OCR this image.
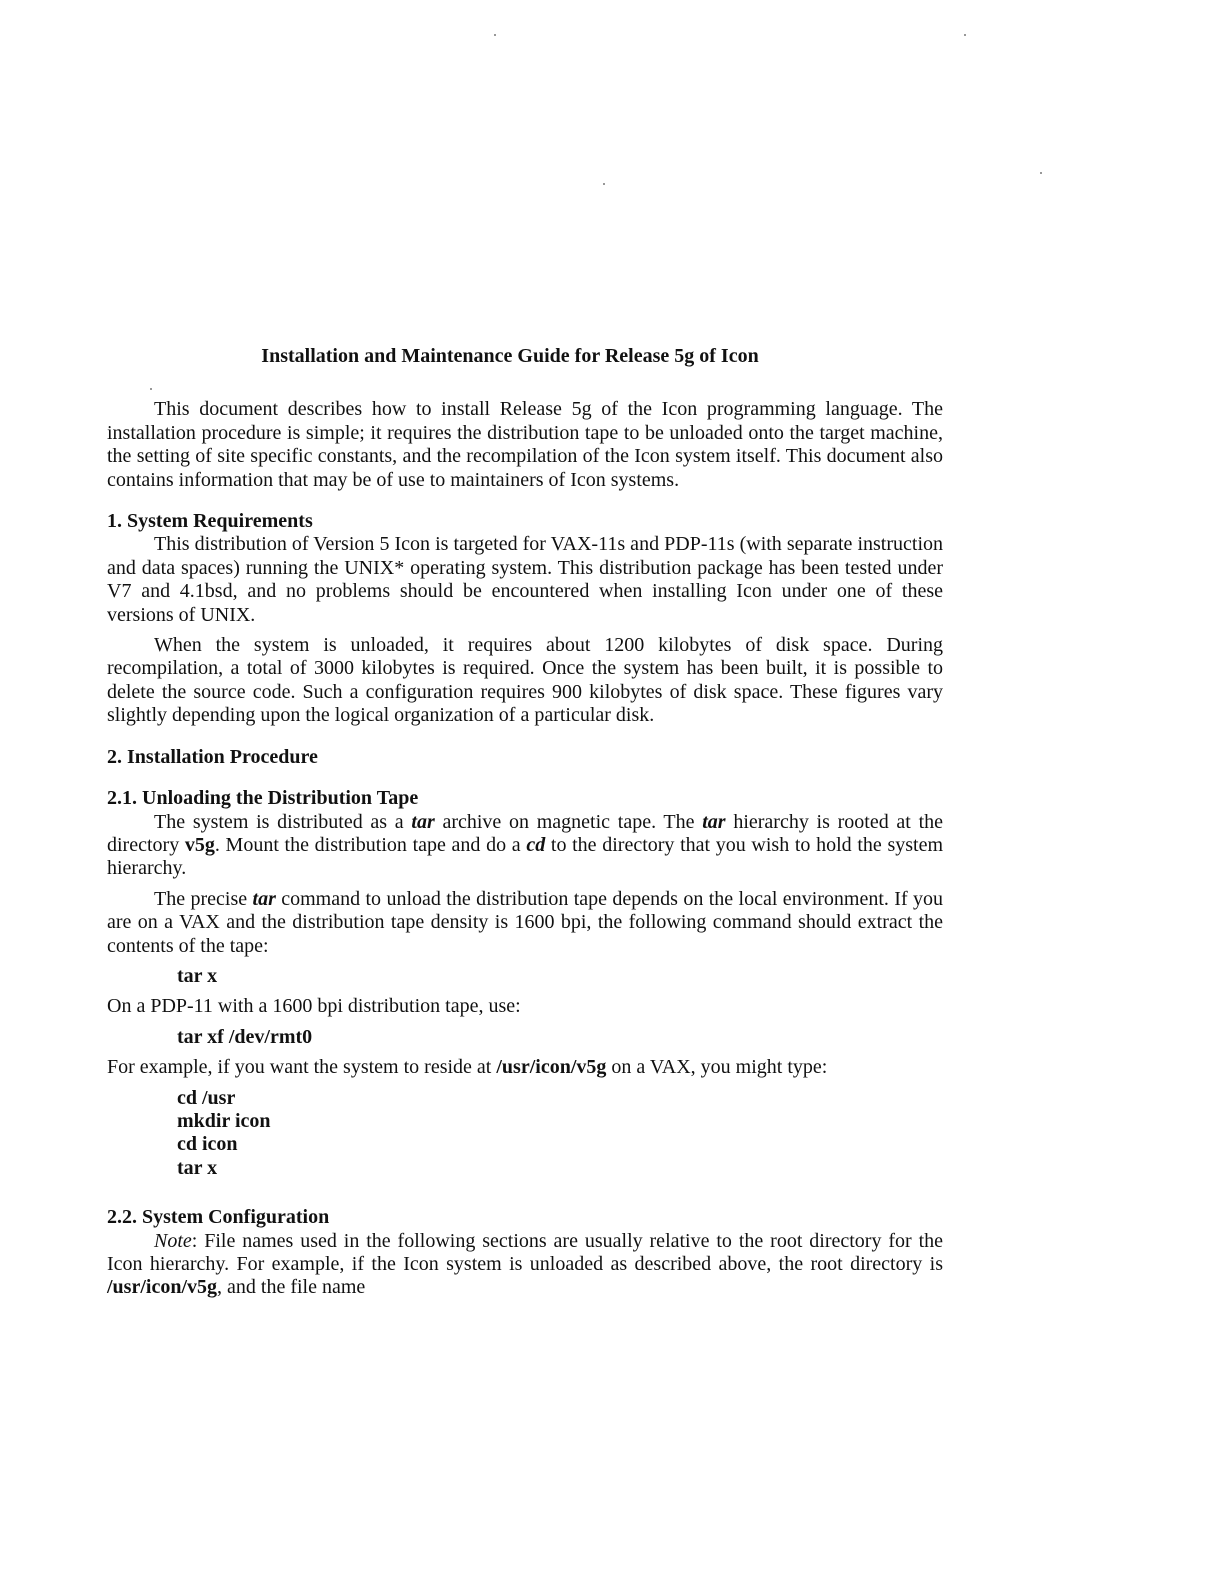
Installation and Maintenance Guide for Release 5g of Icon

This document describes how to install Release 5g of the Icon programming language. The installation procedure is simple; it requires the distribution tape to be unloaded onto the target machine, the setting of site specific constants, and the recompilation of the Icon system itself. This document also contains information that may be of use to maintainers of Icon systems.

1. System Requirements

This distribution of Version 5 Icon is targeted for VAX-11s and PDP-11s (with separate instruction and data spaces) running the UNIX* operating system. This distribution package has been tested under V7 and 4.1bsd, and no problems should be encountered when installing Icon under one of these versions of UNIX.

When the system is unloaded, it requires about 1200 kilobytes of disk space. During recompilation, a total of 3000 kilobytes is required. Once the system has been built, it is possible to delete the source code. Such a configuration requires 900 kilobytes of disk space. These figures vary slightly depending upon the logical organization of a particular disk.

2. Installation Procedure
2.1. Unloading the Distribution Tape

The system is distributed as a tar archive on magnetic tape. The tar hierarchy is rooted at the directory v5g. Mount the distribution tape and do a cd to the directory that you wish to hold the system hierarchy.

The precise tar command to unload the distribution tape depends on the local environment. If you are on a VAX and the distribution tape density is 1600 bpi, the following command should extract the contents of the tape:

tar x

On a PDP-11 with a 1600 bpi distribution tape, use:

tar xf /dev/rmt0

For example, if you want the system to reside at /usr/icon/v5g on a VAX, you might type:

cd /usr
mkdir icon
cd icon
tar x
2.2. System Configuration

Note: File names used in the following sections are usually relative to the root directory for the Icon hierarchy. For example, if the Icon system is unloaded as described above, the root directory is /usr/icon/v5g, and the file name
